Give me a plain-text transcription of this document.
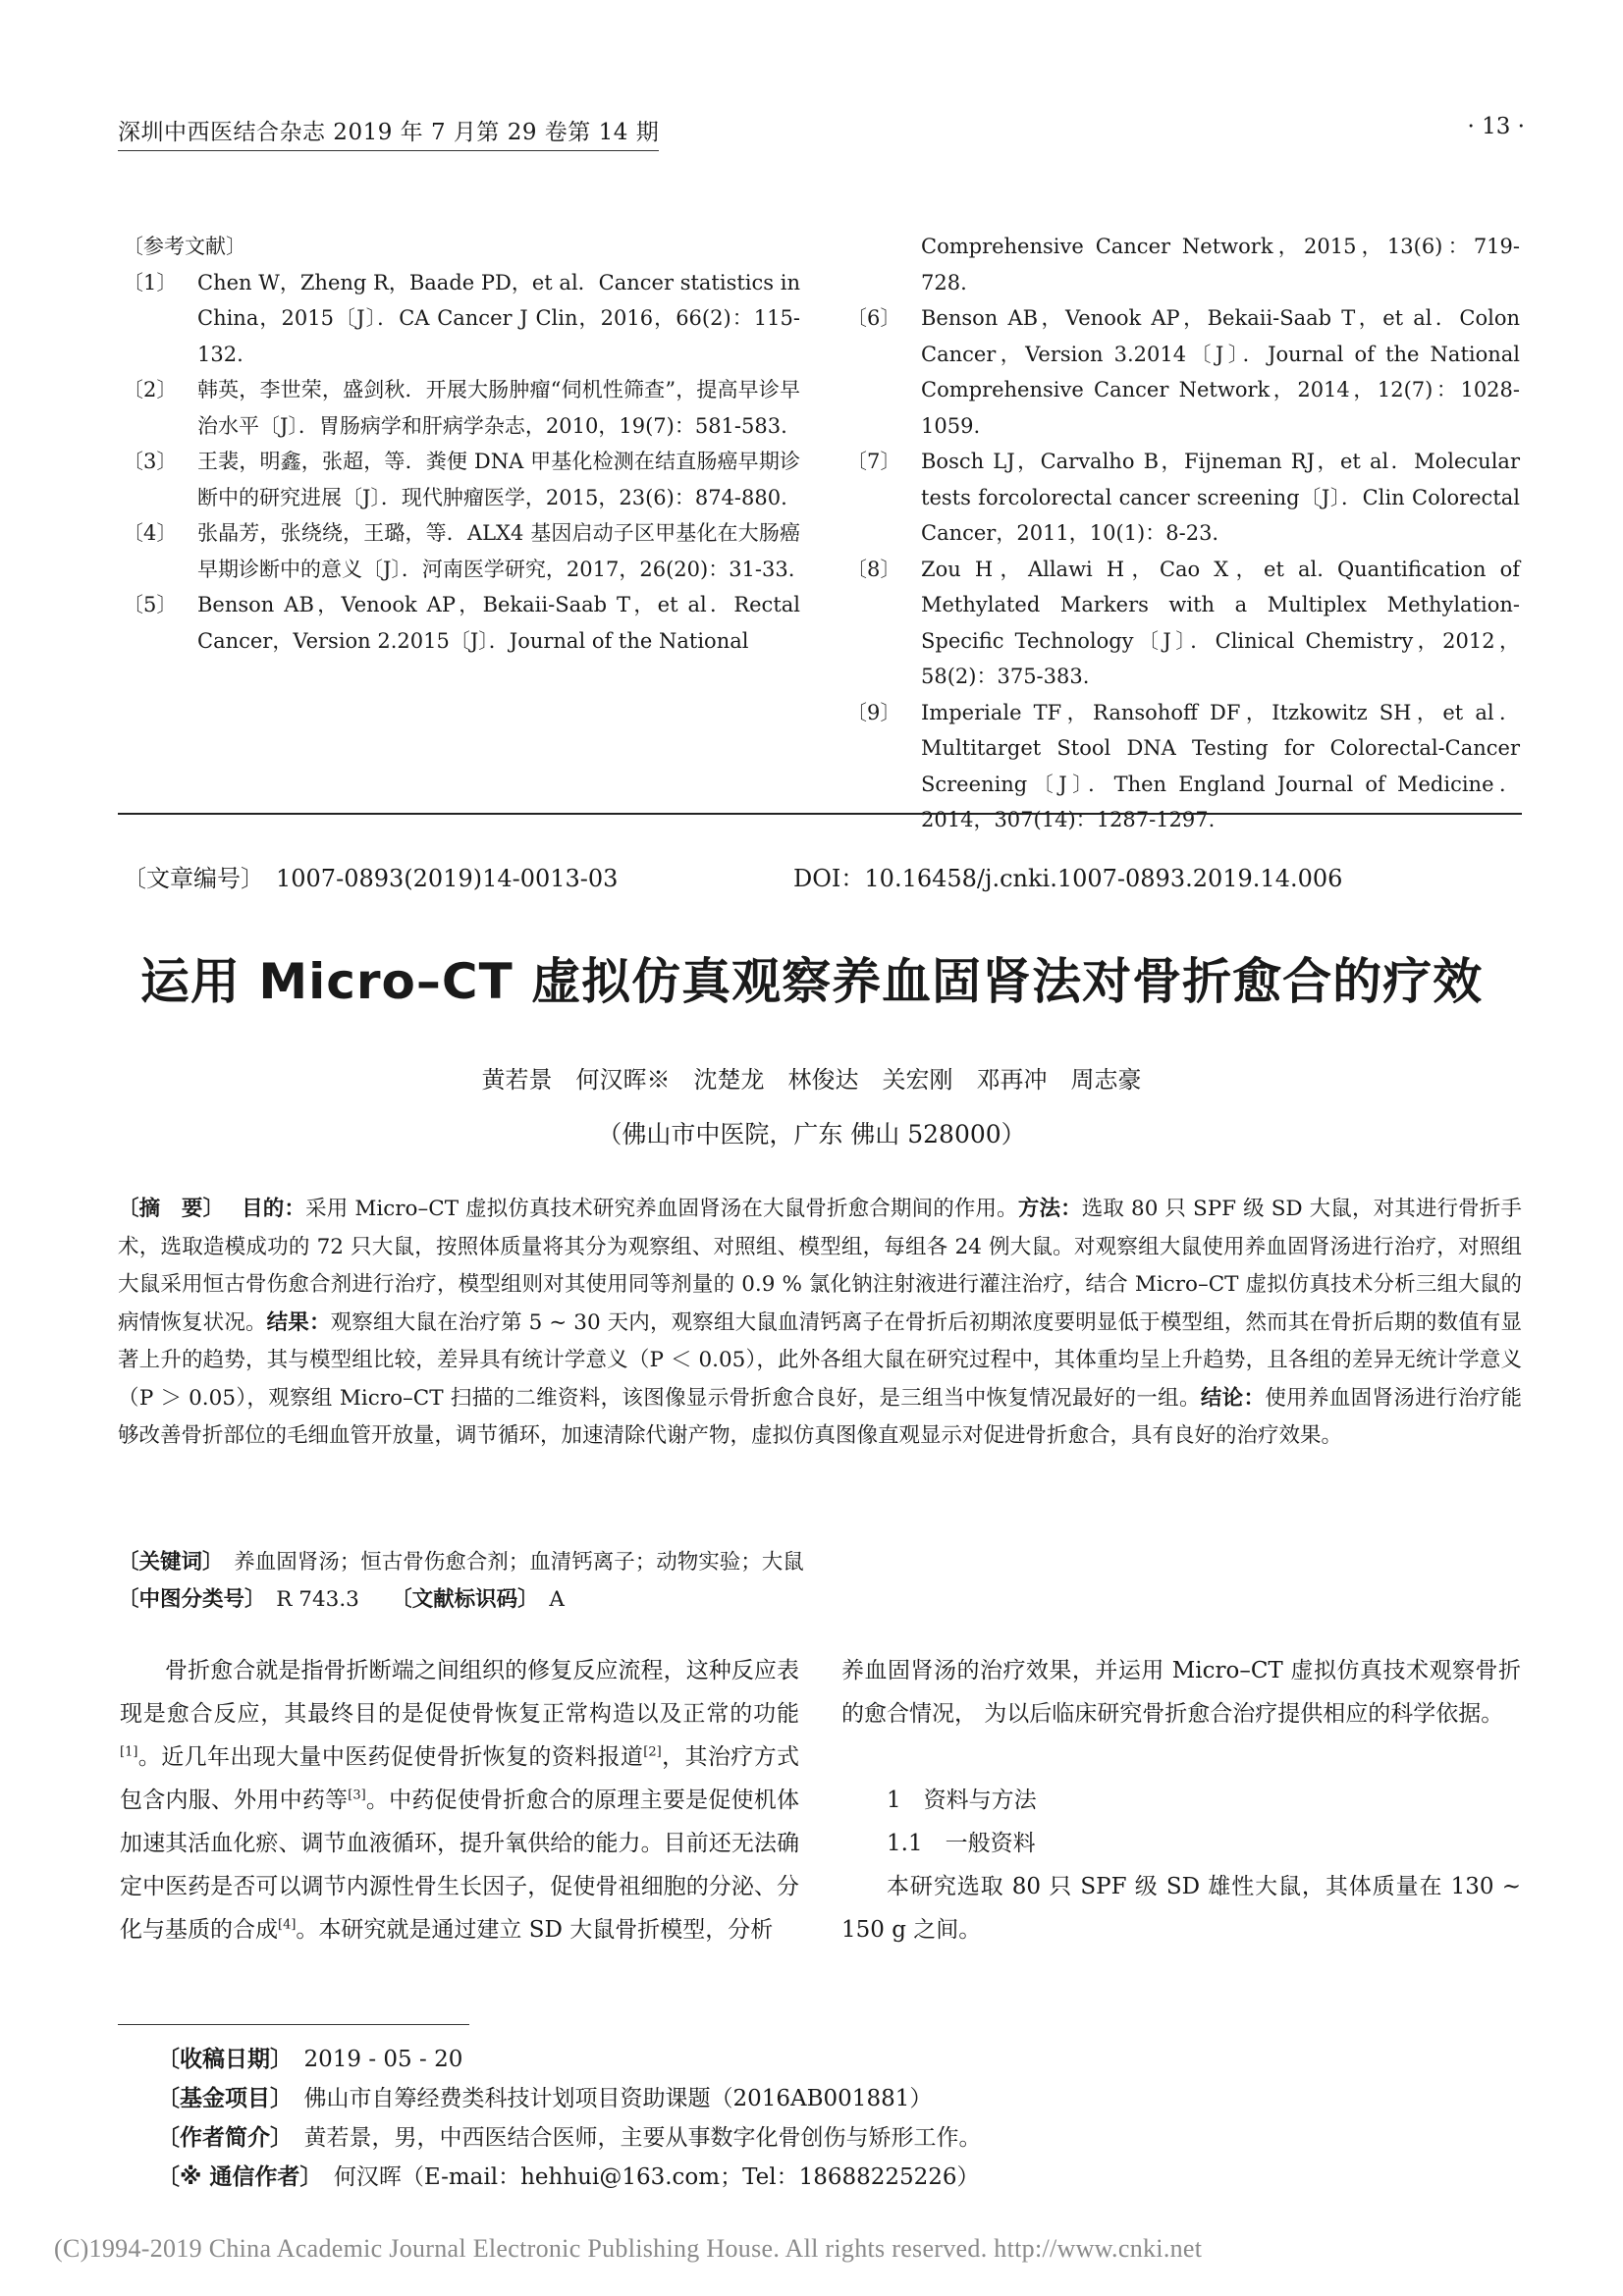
深圳中西医结合杂志 2019 年 7 月第 29 卷第 14 期	· 13 ·
〔参考文献〕
〔1〕 Chen W，Zheng R，Baade PD，et al．Cancer statistics in China，2015〔J〕．CA Cancer J Clin，2016，66(2)：115-132.
〔2〕 韩英，李世荣，盛剑秋．开展大肠肿瘤“伺机性筛查”，提高早诊早治水平〔J〕．胃肠病学和肝病学杂志，2010，19(7)：581-583.
〔3〕 王裴，明鑫，张超，等．粪便 DNA 甲基化检测在结直肠癌早期诊断中的研究进展〔J〕．现代肿瘤医学，2015，23(6)：874-880.
〔4〕 张晶芳，张绕绕，王璐，等．ALX4 基因启动子区甲基化在大肠癌早期诊断中的意义〔J〕．河南医学研究，2017，26(20)：31-33.
〔5〕 Benson AB，Venook AP，Bekaii-Saab T，et al．Rectal Cancer，Version 2.2015〔J〕．Journal of the National
Comprehensive Cancer Network，2015，13(6)：719-728.
〔6〕 Benson AB，Venook AP，Bekaii-Saab T，et al．Colon Cancer，Version 3.2014〔J〕．Journal of the National Comprehensive Cancer Network，2014，12(7)：1028-1059.
〔7〕 Bosch LJ，Carvalho B，Fijneman RJ，et al．Molecular tests forcolorectal cancer screening〔J〕．Clin Colorectal Cancer，2011，10(1)：8-23.
〔8〕 Zou H，Allawi H，Cao X，et al. Quantification of Methylated Markers with a Multiplex Methylation-Specific Technology〔J〕．Clinical Chemistry，2012，58(2)：375-383.
〔9〕 Imperiale TF，Ransohoff DF，Itzkowitz SH，et al．Multitarget Stool DNA Testing for Colorectal-Cancer Screening〔J〕．Then England Journal of Medicine．2014，307(14)：1287-1297.
〔文章编号〕　 1007-0893(2019)14-0013-03	DOI：10.16458/j.cnki.1007-0893.2019.14.006
运用 Micro–CT 虚拟仿真观察养血固肾法对骨折愈合的疗效
黄若景　何汉晖※　沈楚龙　林俊达　关宏刚　邓再冲　周志豪
（佛山市中医院，广东 佛山 528000）
〔摘　要〕　 目的：采用 Micro–CT 虚拟仿真技术研究养血固肾汤在大鼠骨折愈合期间的作用。方法：选取 80 只 SPF 级 SD 大鼠，对其进行骨折手术，选取造模成功的 72 只大鼠，按照体质量将其分为观察组、对照组、模型组，每组各 24 例大鼠。对观察组大鼠使用养血固肾汤进行治疗，对照组大鼠采用恒古骨伤愈合剂进行治疗，模型组则对其使用同等剂量的 0.9 % 氯化钠注射液进行灌注治疗，结合 Micro–CT 虚拟仿真技术分析三组大鼠的病情恢复状况。结果：观察组大鼠在治疗第 5 ~ 30 天内，观察组大鼠血清钙离子在骨折后初期浓度要明显低于模型组，然而其在骨折后期的数值有显著上升的趋势，其与模型组比较，差异具有统计学意义（P ＜ 0.05），此外各组大鼠在研究过程中，其体重均呈上升趋势，且各组的差异无统计学意义（P ＞ 0.05），观察组 Micro–CT 扫描的二维资料，该图像显示骨折愈合良好，是三组当中恢复情况最好的一组。结论：使用养血固肾汤进行治疗能够改善骨折部位的毛细血管开放量，调节循环，加速清除代谢产物，虚拟仿真图像直观显示对促进骨折愈合，具有良好的治疗效果。
〔关键词〕　 养血固肾汤；恒古骨伤愈合剂；血清钙离子；动物实验；大鼠
〔中图分类号〕　 R 743.3　　 〔文献标识码〕　 A
骨折愈合就是指骨折断端之间组织的修复反应流程，这种反应表现是愈合反应，其最终目的是促使骨恢复正常构造以及正常的功能[1]。近几年出现大量中医药促使骨折恢复的资料报道[2]，其治疗方式包含内服、外用中药等[3]。中药促使骨折愈合的原理主要是促使机体加速其活血化瘀、调节血液循环，提升氧供给的能力。目前还无法确定中医药是否可以调节内源性骨生长因子，促使骨祖细胞的分泌、分化与基质的合成[4]。本研究就是通过建立 SD 大鼠骨折模型，分析

养血固肾汤的治疗效果，并运用 Micro–CT 虚拟仿真技术观察骨折的愈合情况， 为以后临床研究骨折愈合治疗提供相应的科学依据。

1　资料与方法

1.1　一般资料

本研究选取 80 只 SPF 级 SD 雄性大鼠，其体质量在 130 ~ 150 g 之间。

〔收稿日期〕　 2019 - 05 - 20
〔基金项目〕　 佛山市自筹经费类科技计划项目资助课题（2016AB001881）
〔作者简介〕　 黄若景，男，中西医结合医师，主要从事数字化骨创伤与矫形工作。
〔※ 通信作者〕　 何汉晖（E-mail：hehhui@163.com；Tel：18688225226）
(C)1994-2019 China Academic Journal Electronic Publishing House. All rights reserved. http://www.cnki.net
